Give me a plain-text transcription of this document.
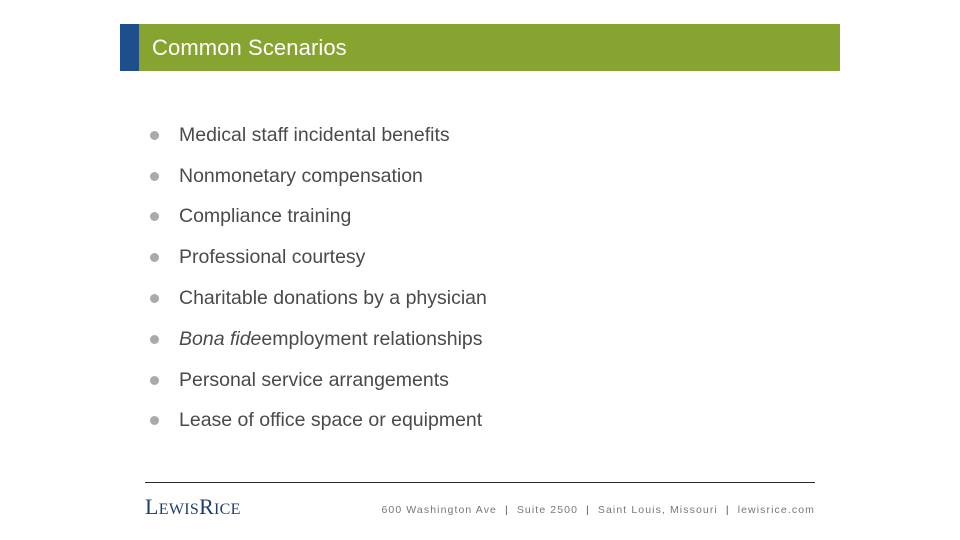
Common Scenarios
Medical staff incidental benefits
Nonmonetary compensation
Compliance training
Professional courtesy
Charitable donations by a physician
Bona fide employment relationships
Personal service arrangements
Lease of office space or equipment
LEWISRICE	600 Washington Ave | Suite 2500 | Saint Louis, Missouri | lewisrice.com
